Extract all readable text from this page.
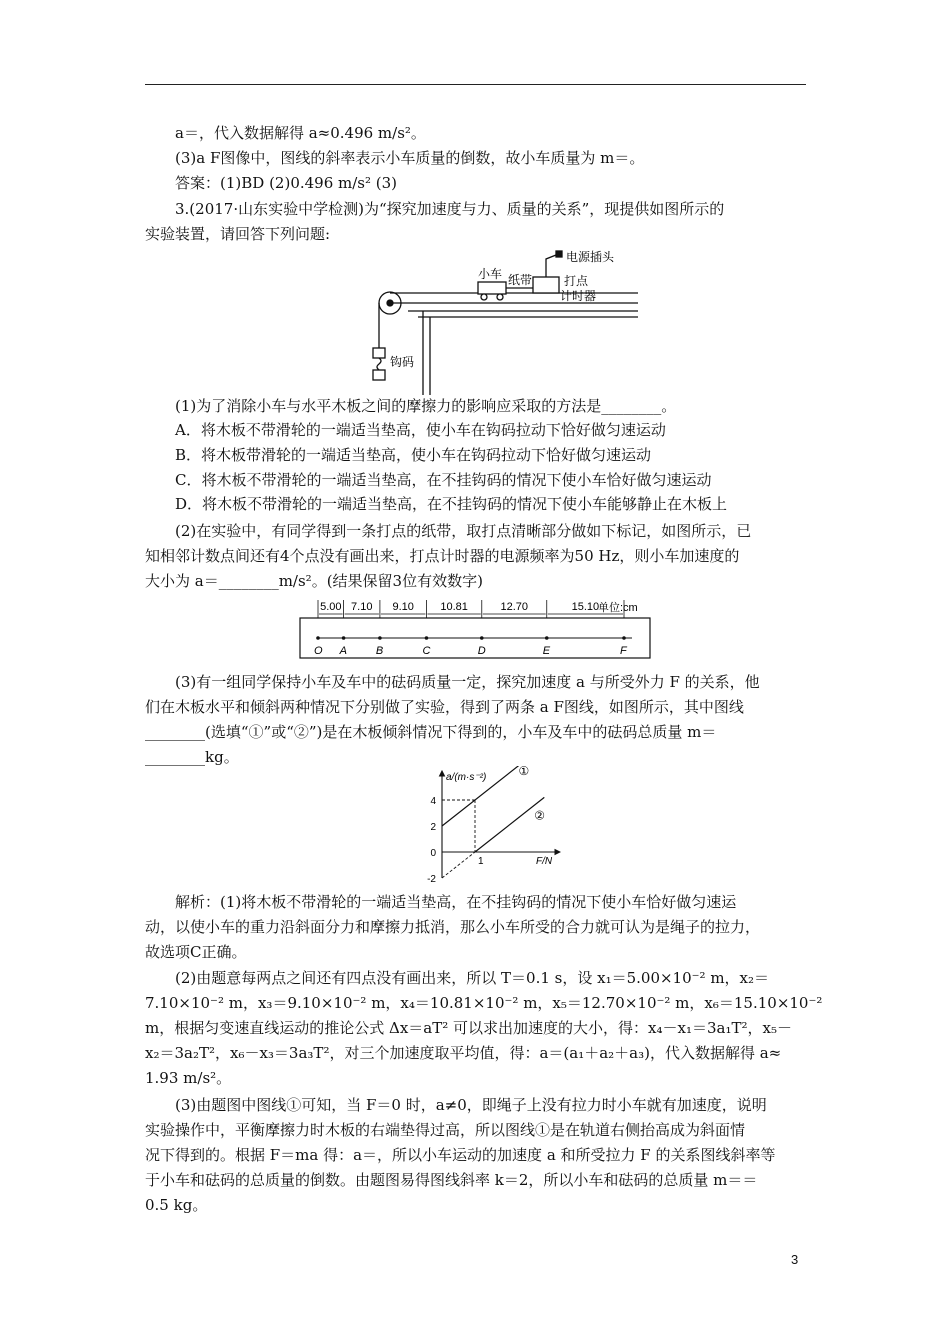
a＝，代入数据解得 a≈0.496 m/s²。
(3)a F图像中，图线的斜率表示小车质量的倒数，故小车质量为 m＝。
答案：(1)BD (2)0.496 m/s² (3)
3.(2017·山东实验中学检测)为“探究加速度与力、质量的关系”，现提供如图所示的
实验装置，请回答下列问题:
电源插头
小车 纸带	打点
计时器
钩码
(1)为了消除小车与水平木板之间的摩擦力的影响应采取的方法是________。
A．将木板不带滑轮的一端适当垫高，使小车在钩码拉动下恰好做匀速运动
B．将木板带滑轮的一端适当垫高，使小车在钩码拉动下恰好做匀速运动
C．将木板不带滑轮的一端适当垫高，在不挂钩码的情况下使小车恰好做匀速运动
D．将木板不带滑轮的一端适当垫高，在不挂钩码的情况下使小车能够静止在木板上
(2)在实验中，有同学得到一条打点的纸带，取打点清晰部分做如下标记，如图所示，已
知相邻计数点间还有4个点没有画出来，打点计时器的电源频率为50 Hz，则小车加速度的
大小为 a＝________m/s²。(结果保留3位有效数字)
5.00 7.10 9.10 10.81	12.70	15.10
O A	B	C	D	E	F
单位:cm
(3)有一组同学保持小车及车中的砝码质量一定，探究加速度 a 与所受外力 F 的关系，他
们在木板水平和倾斜两种情况下分别做了实验，得到了两条 a F图线，如图所示，其中图线
________(选填“①”或“②”)是在木板倾斜情况下得到的，小车及车中的砝码总质量 m＝
________kg。
a/(m·s⁻²)
F/N
4
2
0
-2
1
①
②
解析：(1)将木板不带滑轮的一端适当垫高，在不挂钩码的情况下使小车恰好做匀速运
动，以使小车的重力沿斜面分力和摩擦力抵消，那么小车所受的合力就可认为是绳子的拉力，
故选项C正确。
(2)由题意每两点之间还有四点没有画出来，所以 T＝0.1 s，设 x₁＝5.00×10⁻² m，x₂＝
7.10×10⁻² m，x₃＝9.10×10⁻² m，x₄＝10.81×10⁻² m，x₅＝12.70×10⁻² m，x₆＝15.10×10⁻²
m，根据匀变速直线运动的推论公式 Δx＝aT² 可以求出加速度的大小，得：x₄－x₁＝3a₁T²，x₅－
x₂＝3a₂T²，x₆－x₃＝3a₃T²，对三个加速度取平均值，得：a＝(a₁＋a₂＋a₃)，代入数据解得 a≈
1.93 m/s²。
(3)由题图中图线①可知，当 F＝0 时，a≠0，即绳子上没有拉力时小车就有加速度，说明
实验操作中，平衡摩擦力时木板的右端垫得过高，所以图线①是在轨道右侧抬高成为斜面情
况下得到的。根据 F＝ma 得：a＝，所以小车运动的加速度 a 和所受拉力 F 的关系图线斜率等
于小车和砝码的总质量的倒数。由题图易得图线斜率 k＝2，所以小车和砝码的总质量 m＝＝
0.5 kg。
3
